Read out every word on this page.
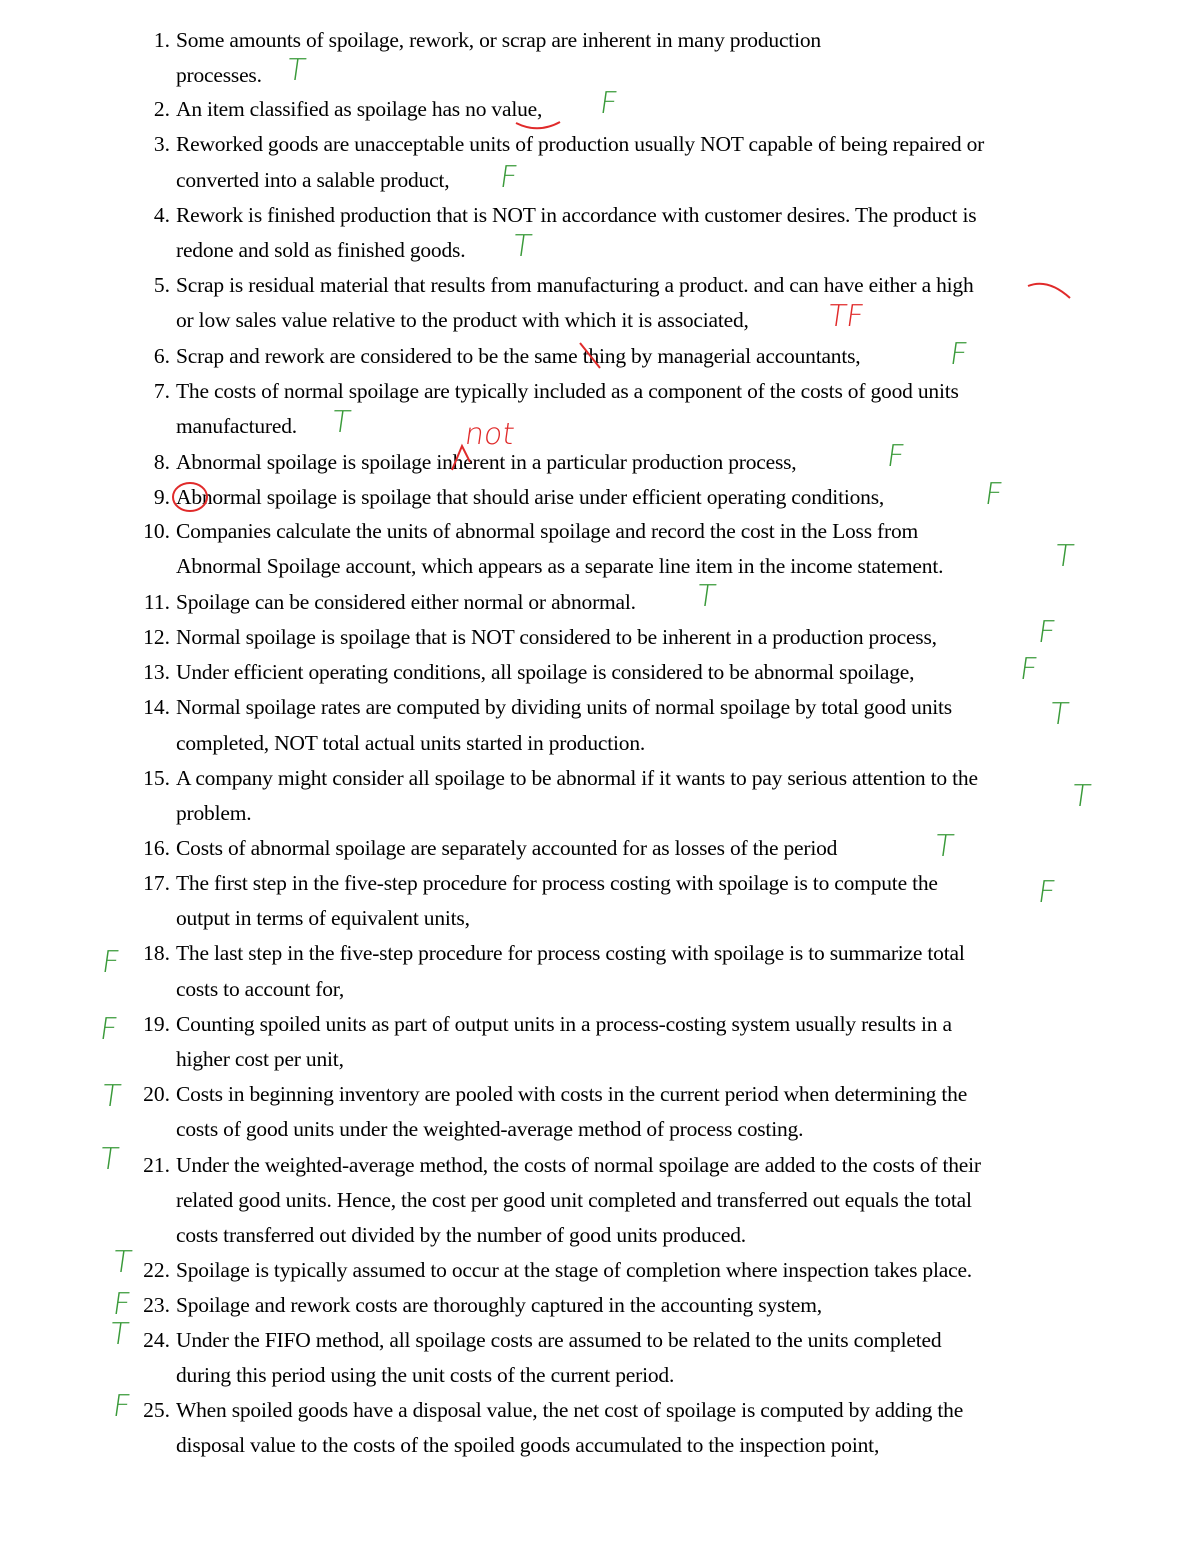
1. Some amounts of spoilage, rework, or scrap are inherent in many production
processes.
2. An item classified as spoilage has no value,
3. Reworked goods are unacceptable units of production usually NOT capable of being repaired or
converted into a salable product,
4. Rework is finished production that is NOT in accordance with customer desires. The product is
redone and sold as finished goods.
5. Scrap is residual material that results from manufacturing a product. and can have either a high
or low sales value relative to the product with which it is associated,
6. Scrap and rework are considered to be the same thing by managerial accountants,
7. The costs of normal spoilage are typically included as a component of the costs of good units
manufactured.
8. Abnormal spoilage is spoilage inherent in a particular production process,
9. Abnormal spoilage is spoilage that should arise under efficient operating conditions,
10. Companies calculate the units of abnormal spoilage and record the cost in the Loss from
Abnormal Spoilage account, which appears as a separate line item in the income statement.
11. Spoilage can be considered either normal or abnormal.
12. Normal spoilage is spoilage that is NOT considered to be inherent in a production process,
13. Under efficient operating conditions, all spoilage is considered to be abnormal spoilage,
14. Normal spoilage rates are computed by dividing units of normal spoilage by total good units
completed, NOT total actual units started in production.
15. A company might consider all spoilage to be abnormal if it wants to pay serious attention to the
problem.
16. Costs of abnormal spoilage are separately accounted for as losses of the period
17. The first step in the five-step procedure for process costing with spoilage is to compute the
output in terms of equivalent units,
18. The last step in the five-step procedure for process costing with spoilage is to summarize total
costs to account for,
19. Counting spoiled units as part of output units in a process-costing system usually results in a
higher cost per unit,
20. Costs in beginning inventory are pooled with costs in the current period when determining the
costs of good units under the weighted-average method of process costing.
21. Under the weighted-average method, the costs of normal spoilage are added to the costs of their
related good units. Hence, the cost per good unit completed and transferred out equals the total
costs transferred out divided by the number of good units produced.
22. Spoilage is typically assumed to occur at the stage of completion where inspection takes place.
23. Spoilage and rework costs are thoroughly captured in the accounting system,
24. Under the FIFO method, all spoilage costs are assumed to be related to the units completed
during this period using the unit costs of the current period.
25. When spoiled goods have a disposal value, the net cost of spoilage is computed by adding the
disposal value to the costs of the spoiled goods accumulated to the inspection point,
T
F
F
T
TF
F
T	not
F
F
T
T
F
F
T
T
T
F
F
F
T
T
T
F
T
F
